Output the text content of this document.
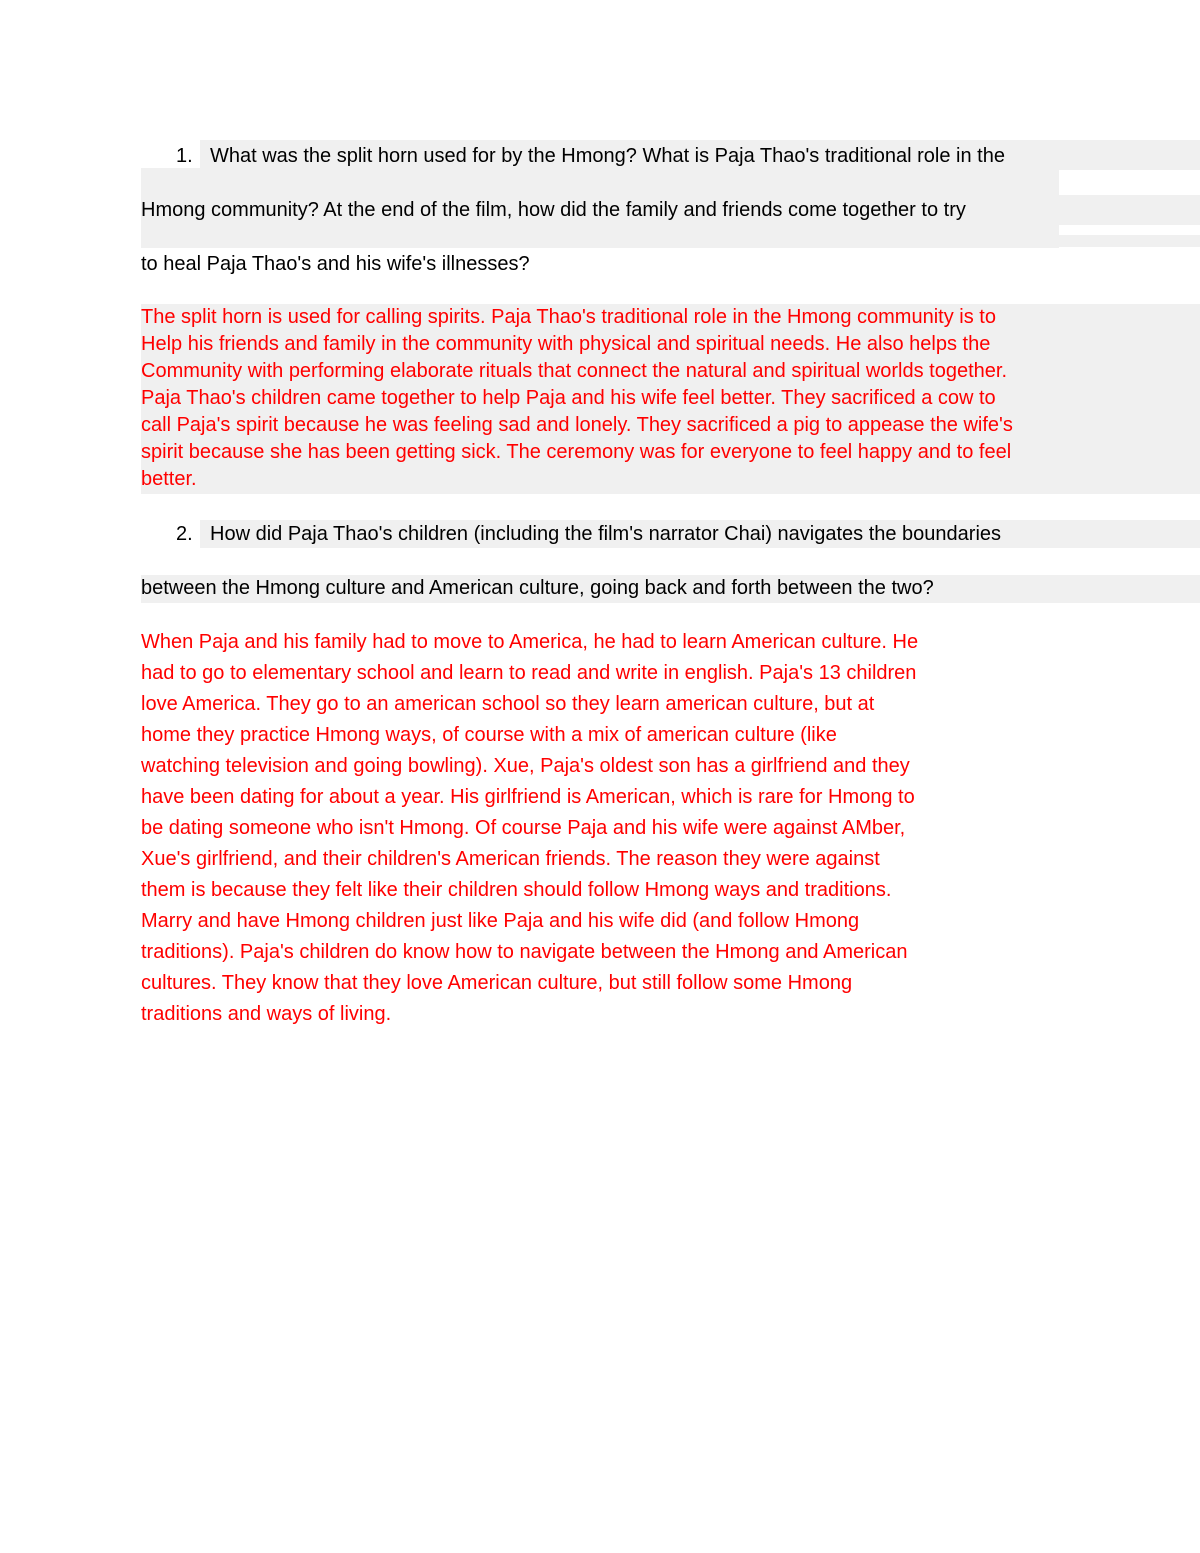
1. What was the split horn used for by the Hmong? What is Paja Thao's traditional role in the
Hmong community? At the end of the film, how did the family and friends come together to try
to heal Paja Thao's and his wife's illnesses?
The split horn is used for calling spirits. Paja Thao's traditional role in the Hmong community is to
Help his friends and family in the community with physical and spiritual needs. He also helps the
Community with performing elaborate rituals that connect the natural and spiritual worlds together.
Paja Thao's children came together to help Paja and his wife feel better. They sacrificed a cow to
call Paja's spirit because he was feeling sad and lonely. They sacrificed a pig to appease the wife's
spirit because she has been getting sick. The ceremony was for everyone to feel happy and to feel
better.
2. How did Paja Thao's children (including the film's narrator Chai) navigates the boundaries
between the Hmong culture and American culture, going back and forth between the two?
When Paja and his family had to move to America, he had to learn American culture. He
had to go to elementary school and learn to read and write in english. Paja's 13 children
love America. They go to an american school so they learn american culture, but at
home they practice Hmong ways, of course with a mix of american culture (like
watching television and going bowling). Xue, Paja's oldest son has a girlfriend and they
have been dating for about a year. His girlfriend is American, which is rare for Hmong to
be dating someone who isn't Hmong. Of course Paja and his wife were against AMber,
Xue's girlfriend, and their children's American friends. The reason they were against
them is because they felt like their children should follow Hmong ways and traditions.
Marry and have Hmong children just like Paja and his wife did (and follow Hmong
traditions). Paja's children do know how to navigate between the Hmong and American
cultures. They know that they love American culture, but still follow some Hmong
traditions and ways of living.
